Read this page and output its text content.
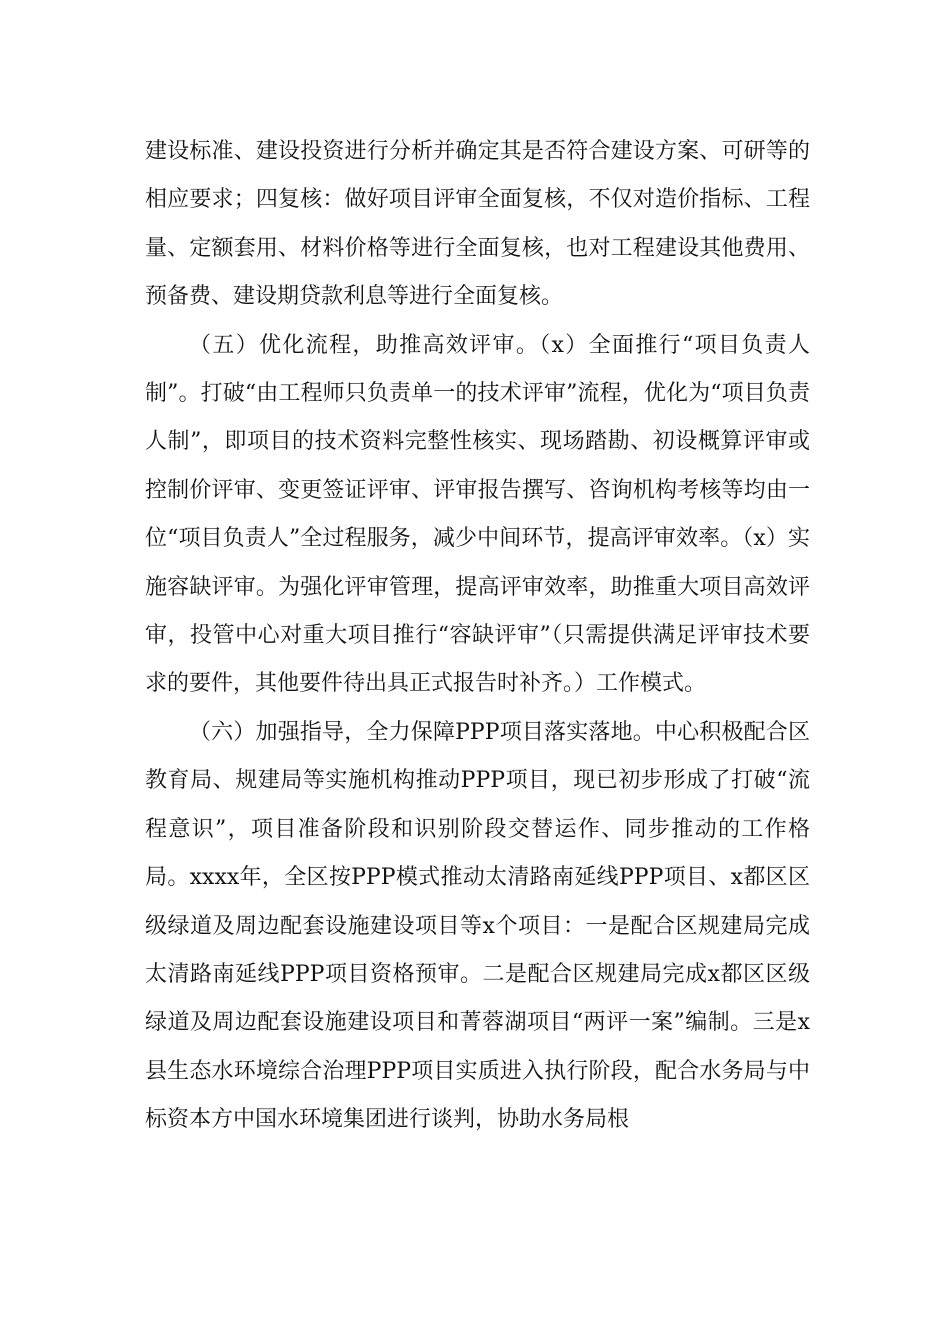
建设标准、建设投资进行分析并确定其是否符合建设方案、可研等的相应要求；四复核：做好项目评审全面复核，不仅对造价指标、工程量、定额套用、材料价格等进行全面复核，也对工程建设其他费用、预备费、建设期贷款利息等进行全面复核。

（五）优化流程，助推高效评审。（x）全面推行“项目负责人制”。打破“由工程师只负责单一的技术评审”流程，优化为“项目负责人制”，即项目的技术资料完整性核实、现场踏勘、初设概算评审或控制价评审、变更签证评审、评审报告撰写、咨询机构考核等均由一位“项目负责人”全过程服务，减少中间环节，提高评审效率。（x）实施容缺评审。为强化评审管理，提高评审效率，助推重大项目高效评审，投管中心对重大项目推行“容缺评审”（只需提供满足评审技术要求的要件，其他要件待出具正式报告时补齐。）工作模式。

（六）加强指导，全力保障PPP项目落实落地。中心积极配合区教育局、规建局等实施机构推动PPP项目，现已初步形成了打破“流程意识”，项目准备阶段和识别阶段交替运作、同步推动的工作格局。xxxx年，全区按PPP模式推动太清路南延线PPP项目、x都区区级绿道及周边配套设施建设项目等x个项目：一是配合区规建局完成太清路南延线PPP项目资格预审。二是配合区规建局完成x都区区级绿道及周边配套设施建设项目和菁蓉湖项目“两评一案”编制。三是x县生态水环境综合治理PPP项目实质进入执行阶段，配合水务局与中标资本方中国水环境集团进行谈判，协助水务局根
